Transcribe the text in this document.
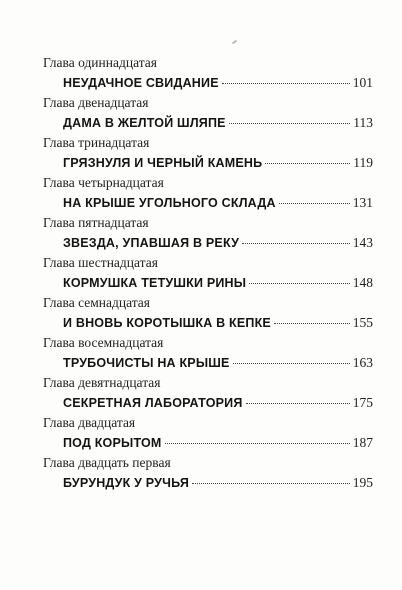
Глава одиннадцатая
НЕУДАЧНОЕ СВИДАНИЕ	101
Глава двенадцатая
ДАМА В ЖЕЛТОЙ ШЛЯПЕ	113
Глава тринадцатая
ГРЯЗНУЛЯ И ЧЕРНЫЙ КАМЕНЬ	119
Глава четырнадцатая
НА КРЫШЕ УГОЛЬНОГО СКЛАДА	131
Глава пятнадцатая
ЗВЕЗДА, УПАВШАЯ В РЕКУ	143
Глава шестнадцатая
КОРМУШКА ТЕТУШКИ РИНЫ	148
Глава семнадцатая
И ВНОВЬ КОРОТЫШКА В КЕПКЕ	155
Глава восемнадцатая
ТРУБОЧИСТЫ НА КРЫШЕ	163
Глава девятнадцатая
СЕКРЕТНАЯ ЛАБОРАТОРИЯ	175
Глава двадцатая
ПОД КОРЫТОМ	187
Глава двадцать первая
БУРУНДУК У РУЧЬЯ	195
